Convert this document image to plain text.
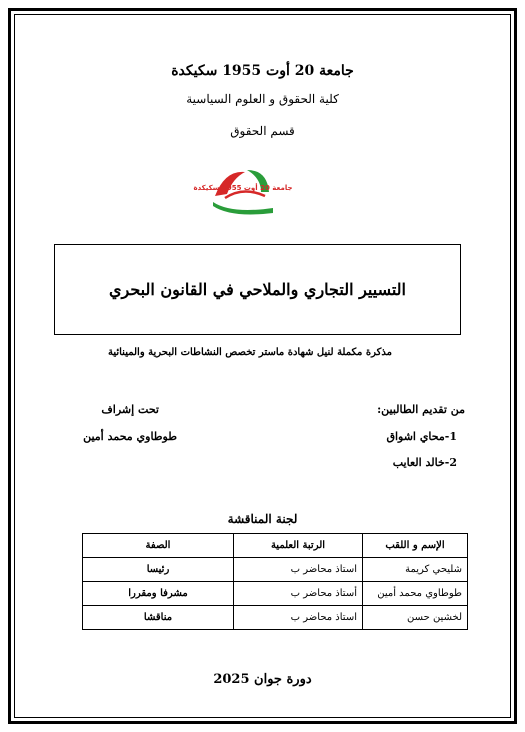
جامعة 20 أوت 1955 سكيكدة
كلية الحقوق و العلوم السياسية
قسم الحقوق
جامعة 20 أوت 1955 سكيكدة
التسيير التجاري والملاحي في القانون البحري
مذكرة مكملة لنيل شهادة ماستر تخصص النشاطات البحرية والمينائية
من تقديم الطالبين:
1-محاي اشواق
2-خالد العايب
تحت إشراف
طوطاوي محمد أمين
لجنة المناقشة
الإسم و اللقب	الرتبة العلمية	الصفة
شليحي كريمة	استاذ محاضر ب	رئيسا
طوطاوي محمد أمين	أستاذ محاضر ب	مشرفا ومقررا
لخشين حسن	استاذ محاضر ب	مناقشا
دورة جوان 2025
